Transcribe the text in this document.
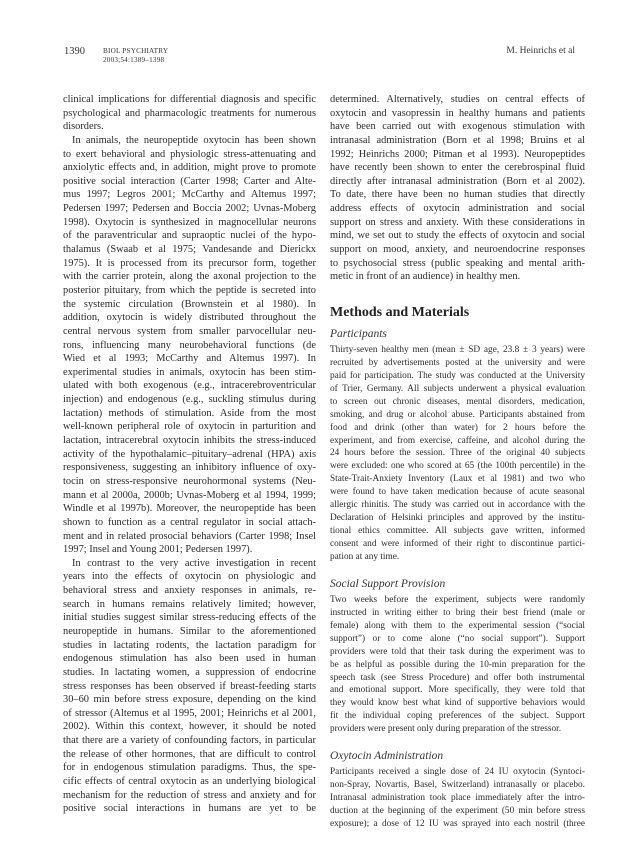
1390	BIOL PSYCHIATRY
2003;54:1389–1398
M. Heinrichs et al
clinical implications for differential diagnosis and specific
psychological and pharmacologic treatments for numerous
disorders.
In animals, the neuropeptide oxytocin has been shown
to exert behavioral and physiologic stress-attenuating and
anxiolytic effects and, in addition, might prove to promote
positive social interaction (Carter 1998; Carter and Alte-
mus 1997; Legros 2001; McCarthy and Altemus 1997;
Pedersen 1997; Pedersen and Boccia 2002; Uvnas-Moberg
1998). Oxytocin is synthesized in magnocellular neurons
of the paraventricular and supraoptic nuclei of the hypo-
thalamus (Swaab et al 1975; Vandesande and Dierickx
1975). It is processed from its precursor form, together
with the carrier protein, along the axonal projection to the
posterior pituitary, from which the peptide is secreted into
the systemic circulation (Brownstein et al 1980). In
addition, oxytocin is widely distributed throughout the
central nervous system from smaller parvocellular neu-
rons, influencing many neurobehavioral functions (de
Wied et al 1993; McCarthy and Altemus 1997). In
experimental studies in animals, oxytocin has been stim-
ulated with both exogenous (e.g., intracerebroventricular
injection) and endogenous (e.g., suckling stimulus during
lactation) methods of stimulation. Aside from the most
well-known peripheral role of oxytocin in parturition and
lactation, intracerebral oxytocin inhibits the stress-induced
activity of the hypothalamic–pituitary–adrenal (HPA) axis
responsiveness, suggesting an inhibitory influence of oxy-
tocin on stress-responsive neurohormonal systems (Neu-
mann et al 2000a, 2000b; Uvnas-Moberg et al 1994, 1999;
Windle et al 1997b). Moreover, the neuropeptide has been
shown to function as a central regulator in social attach-
ment and in related prosocial behaviors (Carter 1998; Insel
1997; Insel and Young 2001; Pedersen 1997).
In contrast to the very active investigation in recent
years into the effects of oxytocin on physiologic and
behavioral stress and anxiety responses in animals, re-
search in humans remains relatively limited; however,
initial studies suggest similar stress-reducing effects of the
neuropeptide in humans. Similar to the aforementioned
studies in lactating rodents, the lactation paradigm for
endogenous stimulation has also been used in human
studies. In lactating women, a suppression of endocrine
stress responses has been observed if breast-feeding starts
30–60 min before stress exposure, depending on the kind
of stressor (Altemus et al 1995, 2001; Heinrichs et al 2001,
2002). Within this context, however, it should be noted
that there are a variety of confounding factors, in particular
the release of other hormones, that are difficult to control
for in endogenous stimulation paradigms. Thus, the spe-
cific effects of central oxytocin as an underlying biological
mechanism for the reduction of stress and anxiety and for
positive social interactions in humans are yet to be
determined. Alternatively, studies on central effects of
oxytocin and vasopressin in healthy humans and patients
have been carried out with exogenous stimulation with
intranasal administration (Born et al 1998; Bruins et al
1992; Heinrichs 2000; Pitman et al 1993). Neuropeptides
have recently been shown to enter the cerebrospinal fluid
directly after intranasal administration (Born et al 2002).
To date, there have been no human studies that directly
address effects of oxytocin administration and social
support on stress and anxiety. With these considerations in
mind, we set out to study the effects of oxytocin and social
support on mood, anxiety, and neuroendocrine responses
to psychosocial stress (public speaking and mental arith-
metic in front of an audience) in healthy men.
Methods and Materials
Participants
Thirty-seven healthy men (mean ± SD age, 23.8 ± 3 years) were
recruited by advertisements posted at the university and were
paid for participation. The study was conducted at the University
of Trier, Germany. All subjects underwent a physical evaluation
to screen out chronic diseases, mental disorders, medication,
smoking, and drug or alcohol abuse. Participants abstained from
food and drink (other than water) for 2 hours before the
experiment, and from exercise, caffeine, and alcohol during the
24 hours before the session. Three of the original 40 subjects
were excluded: one who scored at 65 (the 100th percentile) in the
State-Trait-Anxiety Inventory (Laux et al 1981) and two who
were found to have taken medication because of acute seasonal
allergic rhinitis. The study was carried out in accordance with the
Declaration of Helsinki principles and approved by the institu-
tional ethics committee. All subjects gave written, informed
consent and were informed of their right to discontinue partici-
pation at any time.
Social Support Provision
Two weeks before the experiment, subjects were randomly
instructed in writing either to bring their best friend (male or
female) along with them to the experimental session (“social
support”) or to come alone (“no social support”). Support
providers were told that their task during the experiment was to
be as helpful as possible during the 10-min preparation for the
speech task (see Stress Procedure) and offer both instrumental
and emotional support. More specifically, they were told that
they would know best what kind of supportive behaviors would
fit the individual coping preferences of the subject. Support
providers were present only during preparation of the stressor.
Oxytocin Administration
Participants received a single dose of 24 IU oxytocin (Syntoci-
non-Spray, Novartis, Basel, Switzerland) intranasally or placebo.
Intranasal administration took place immediately after the intro-
duction at the beginning of the experiment (50 min before stress
exposure); a dose of 12 IU was sprayed into each nostril (three
